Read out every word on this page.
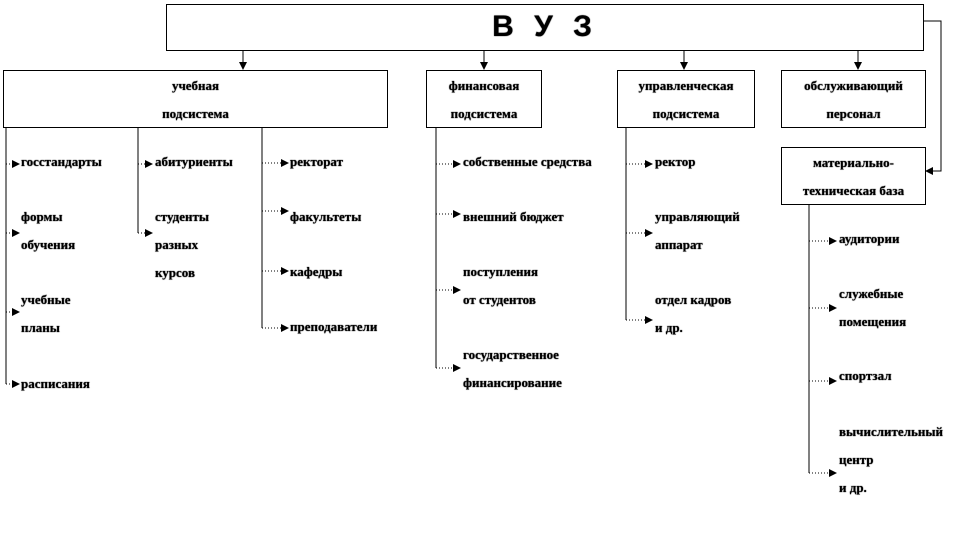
В У З
учебная
подсистема
финансовая
подсистема
управленческая
подсистема
обслуживающий
персонал
материально-
техническая база
госстандарты
формы
обучения
учебные
планы
расписания
абитуриенты
студенты
разных
курсов
ректорат
факультеты
кафедры
преподаватели
собственные средства
внешний бюджет
поступления
от студентов
государственное
финансирование
ректор
управляющий
аппарат
отдел кадров
и др.
аудитории
служебные
помещения
спортзал
вычислительный
центр
и др.
